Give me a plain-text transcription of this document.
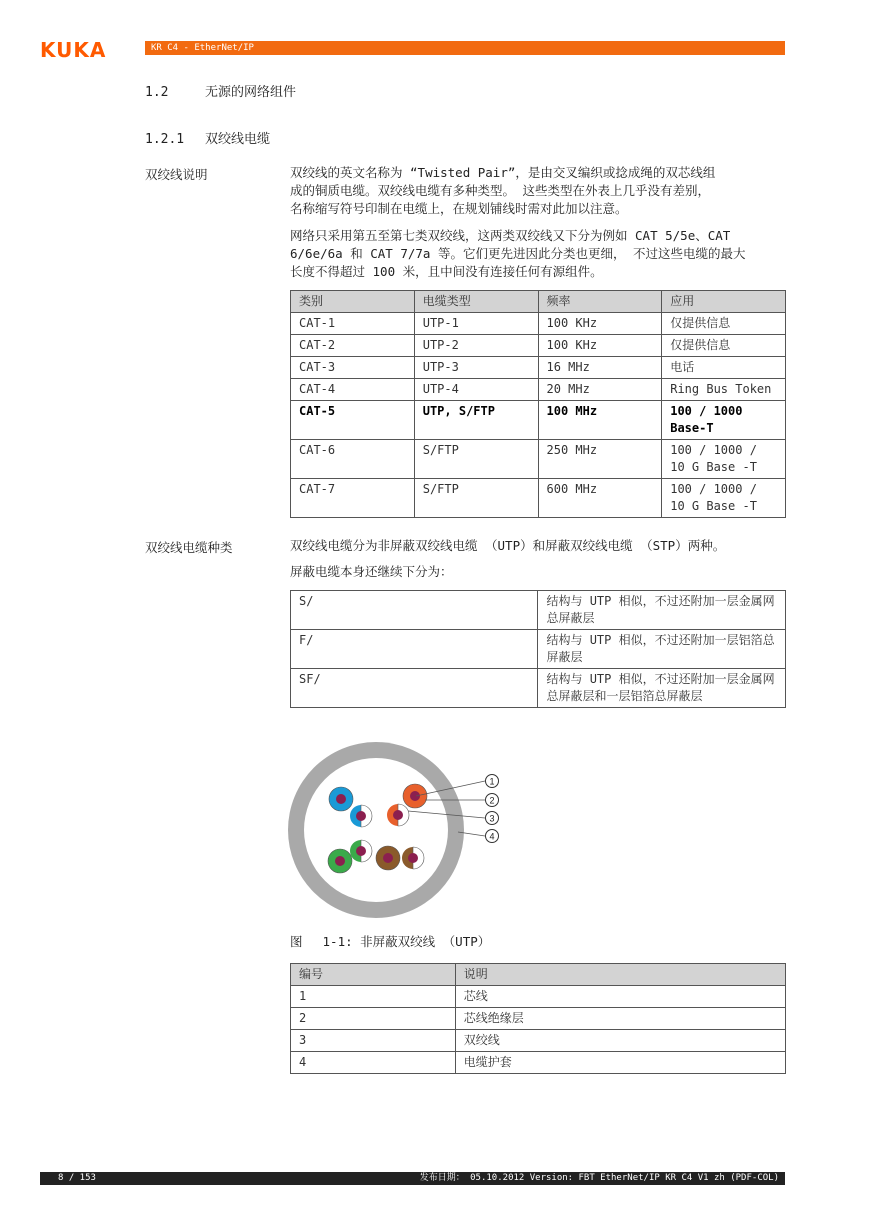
KUKA	KR C4 - EtherNet/IP
1.2	无源的网络组件
1.2.1 双绞线电缆
双绞线说明	双绞线的英文名称为 “Twisted Pair”，是由交叉编织或捻成绳的双芯线组
成的铜质电缆。双绞线电缆有多种类型。 这些类型在外表上几乎没有差别，
名称缩写符号印制在电缆上，在规划铺线时需对此加以注意。
网络只采用第五至第七类双绞线，这两类双绞线又下分为例如 CAT 5/5e、CAT
6/6e/6a 和 CAT 7/7a 等。它们更先进因此分类也更细， 不过这些电缆的最大
长度不得超过 100 米，且中间没有连接任何有源组件。
类别	电缆类型	频率	应用
CAT-1	UTP-1	100 KHz	仅提供信息
CAT-2	UTP-2	100 KHz	仅提供信息
CAT-3	UTP-3	16 MHz	电话
CAT-4	UTP-4	20 MHz	Ring Bus Token
CAT-5	UTP, S/FTP	100 MHz	100 / 1000 Base-T
CAT-6	S/FTP	250 MHz	100 / 1000 / 10 G Base -T
CAT-7	S/FTP	600 MHz	100 / 1000 / 10 G Base -T
双绞线电缆种类	双绞线电缆分为非屏蔽双绞线电缆 （UTP）和屏蔽双绞线电缆 （STP）两种。
屏蔽电缆本身还继续下分为：
S/	结构与 UTP 相似，不过还附加一层金属网总屏蔽层
F/	结构与 UTP 相似，不过还附加一层铝箔总屏蔽层
SF/	结构与 UTP 相似，不过还附加一层金属网总屏蔽层和一层铝箔总屏蔽层
1
2
3
4
图　 1-1: 非屏蔽双绞线 （UTP）
编号	说明
1	芯线
2	芯线绝缘层
3	双绞线
4	电缆护套
8 / 153	发布日期： 05.10.2012 Version: FBT EtherNet/IP KR C4 V1 zh (PDF-COL)
